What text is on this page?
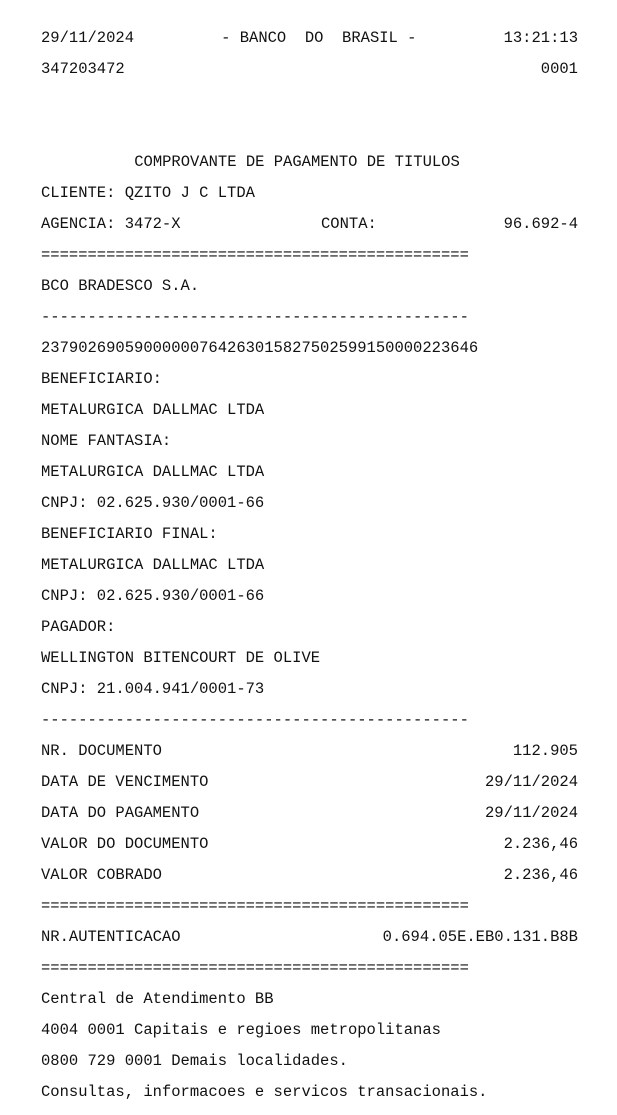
29/11/2024	- BANCO  DO  BRASIL -	13:21:13
347203472	0001

COMPROVANTE DE PAGAMENTO DE TITULOS

CLIENTE: QZITO J C LTDA
AGENCIA: 3472-X	CONTA:	96.692-4
==============================================
BCO BRADESCO S.A.
----------------------------------------------
23790269059000000764263015827502599150000223646
BENEFICIARIO:
METALURGICA DALLMAC LTDA
NOME FANTASIA:
METALURGICA DALLMAC LTDA
CNPJ: 02.625.930/0001-66
BENEFICIARIO FINAL:
METALURGICA DALLMAC LTDA
CNPJ: 02.625.930/0001-66
PAGADOR:
WELLINGTON BITENCOURT DE OLIVE
CNPJ: 21.004.941/0001-73
----------------------------------------------
NR. DOCUMENTO	112.905
DATA DE VENCIMENTO	29/11/2024
DATA DO PAGAMENTO	29/11/2024
VALOR DO DOCUMENTO	2.236,46
VALOR COBRADO	2.236,46
==============================================
NR.AUTENTICACAO	0.694.05E.EB0.131.B8B
==============================================
Central de Atendimento BB
4004 0001 Capitais e regioes metropolitanas
0800 729 0001 Demais localidades.
Consultas, informacoes e servicos transacionais.
